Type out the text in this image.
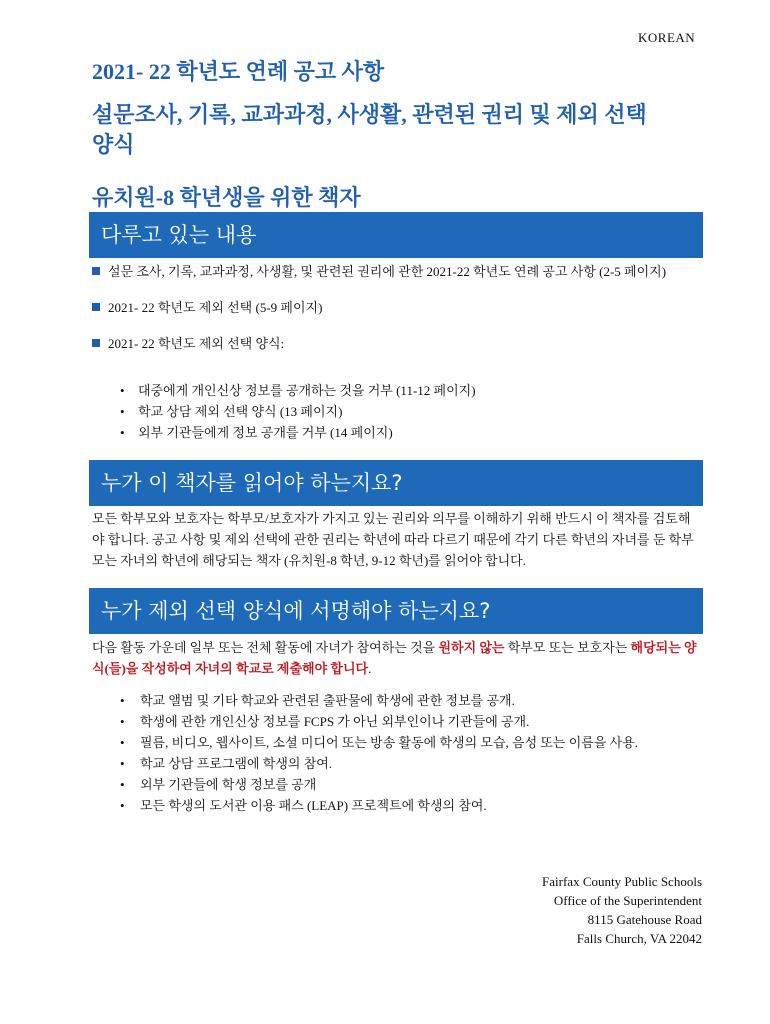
KOREAN
2021- 22 학년도 연례 공고 사항
설문조사, 기록, 교과과정, 사생활, 관련된 권리 및 제외 선택 양식
유치원-8 학년생을 위한 책자
다루고 있는 내용
설문 조사, 기록, 교과과정, 사생활, 및 관련된 권리에 관한 2021-22 학년도 연례 공고 사항 (2-5 페이지)
2021- 22 학년도 제외 선택 (5-9 페이지)
2021- 22 학년도 제외 선택 양식:
• 대중에게 개인신상 정보를 공개하는 것을 거부 (11-12 페이지)
• 학교 상담 제외 선택 양식 (13 페이지)
• 외부 기관들에게 정보 공개를 거부 (14 페이지)
누가 이 책자를 읽어야 하는지요?

모든 학부모와 보호자는 학부모/보호자가 가지고 있는 권리와 의무를 이해하기 위해 반드시 이 책자를 검토해야 합니다. 공고 사항 및 제외 선택에 관한 권리는 학년에 따라 다르기 때문에 각기 다른 학년의 자녀를 둔 학부모는 자녀의 학년에 해당되는 책자 (유치원-8 학년, 9-12 학년)를 읽어야 합니다.

누가 제외 선택 양식에 서명해야 하는지요?

다음 활동 가운데 일부 또는 전체 활동에 자녀가 참여하는 것을 원하지 않는 학부모 또는 보호자는 해당되는 양식(들)을 작성하여 자녀의 학교로 제출해야 합니다.

• 학교 앨범 및 기타 학교와 관련된 출판물에 학생에 관한 정보를 공개.
• 학생에 관한 개인신상 정보를 FCPS 가 아닌 외부인이나 기관들에 공개.
• 필름, 비디오, 웹사이트, 소셜 미디어 또는 방송 활동에 학생의 모습, 음성 또는 이름을 사용.
• 학교 상담 프로그램에 학생의 참여.
• 외부 기관들에 학생 정보를 공개
• 모든 학생의 도서관 이용 패스 (LEAP) 프로젝트에 학생의 참여.
Fairfax County Public Schools
Office of the Superintendent
8115 Gatehouse Road
Falls Church, VA 22042
